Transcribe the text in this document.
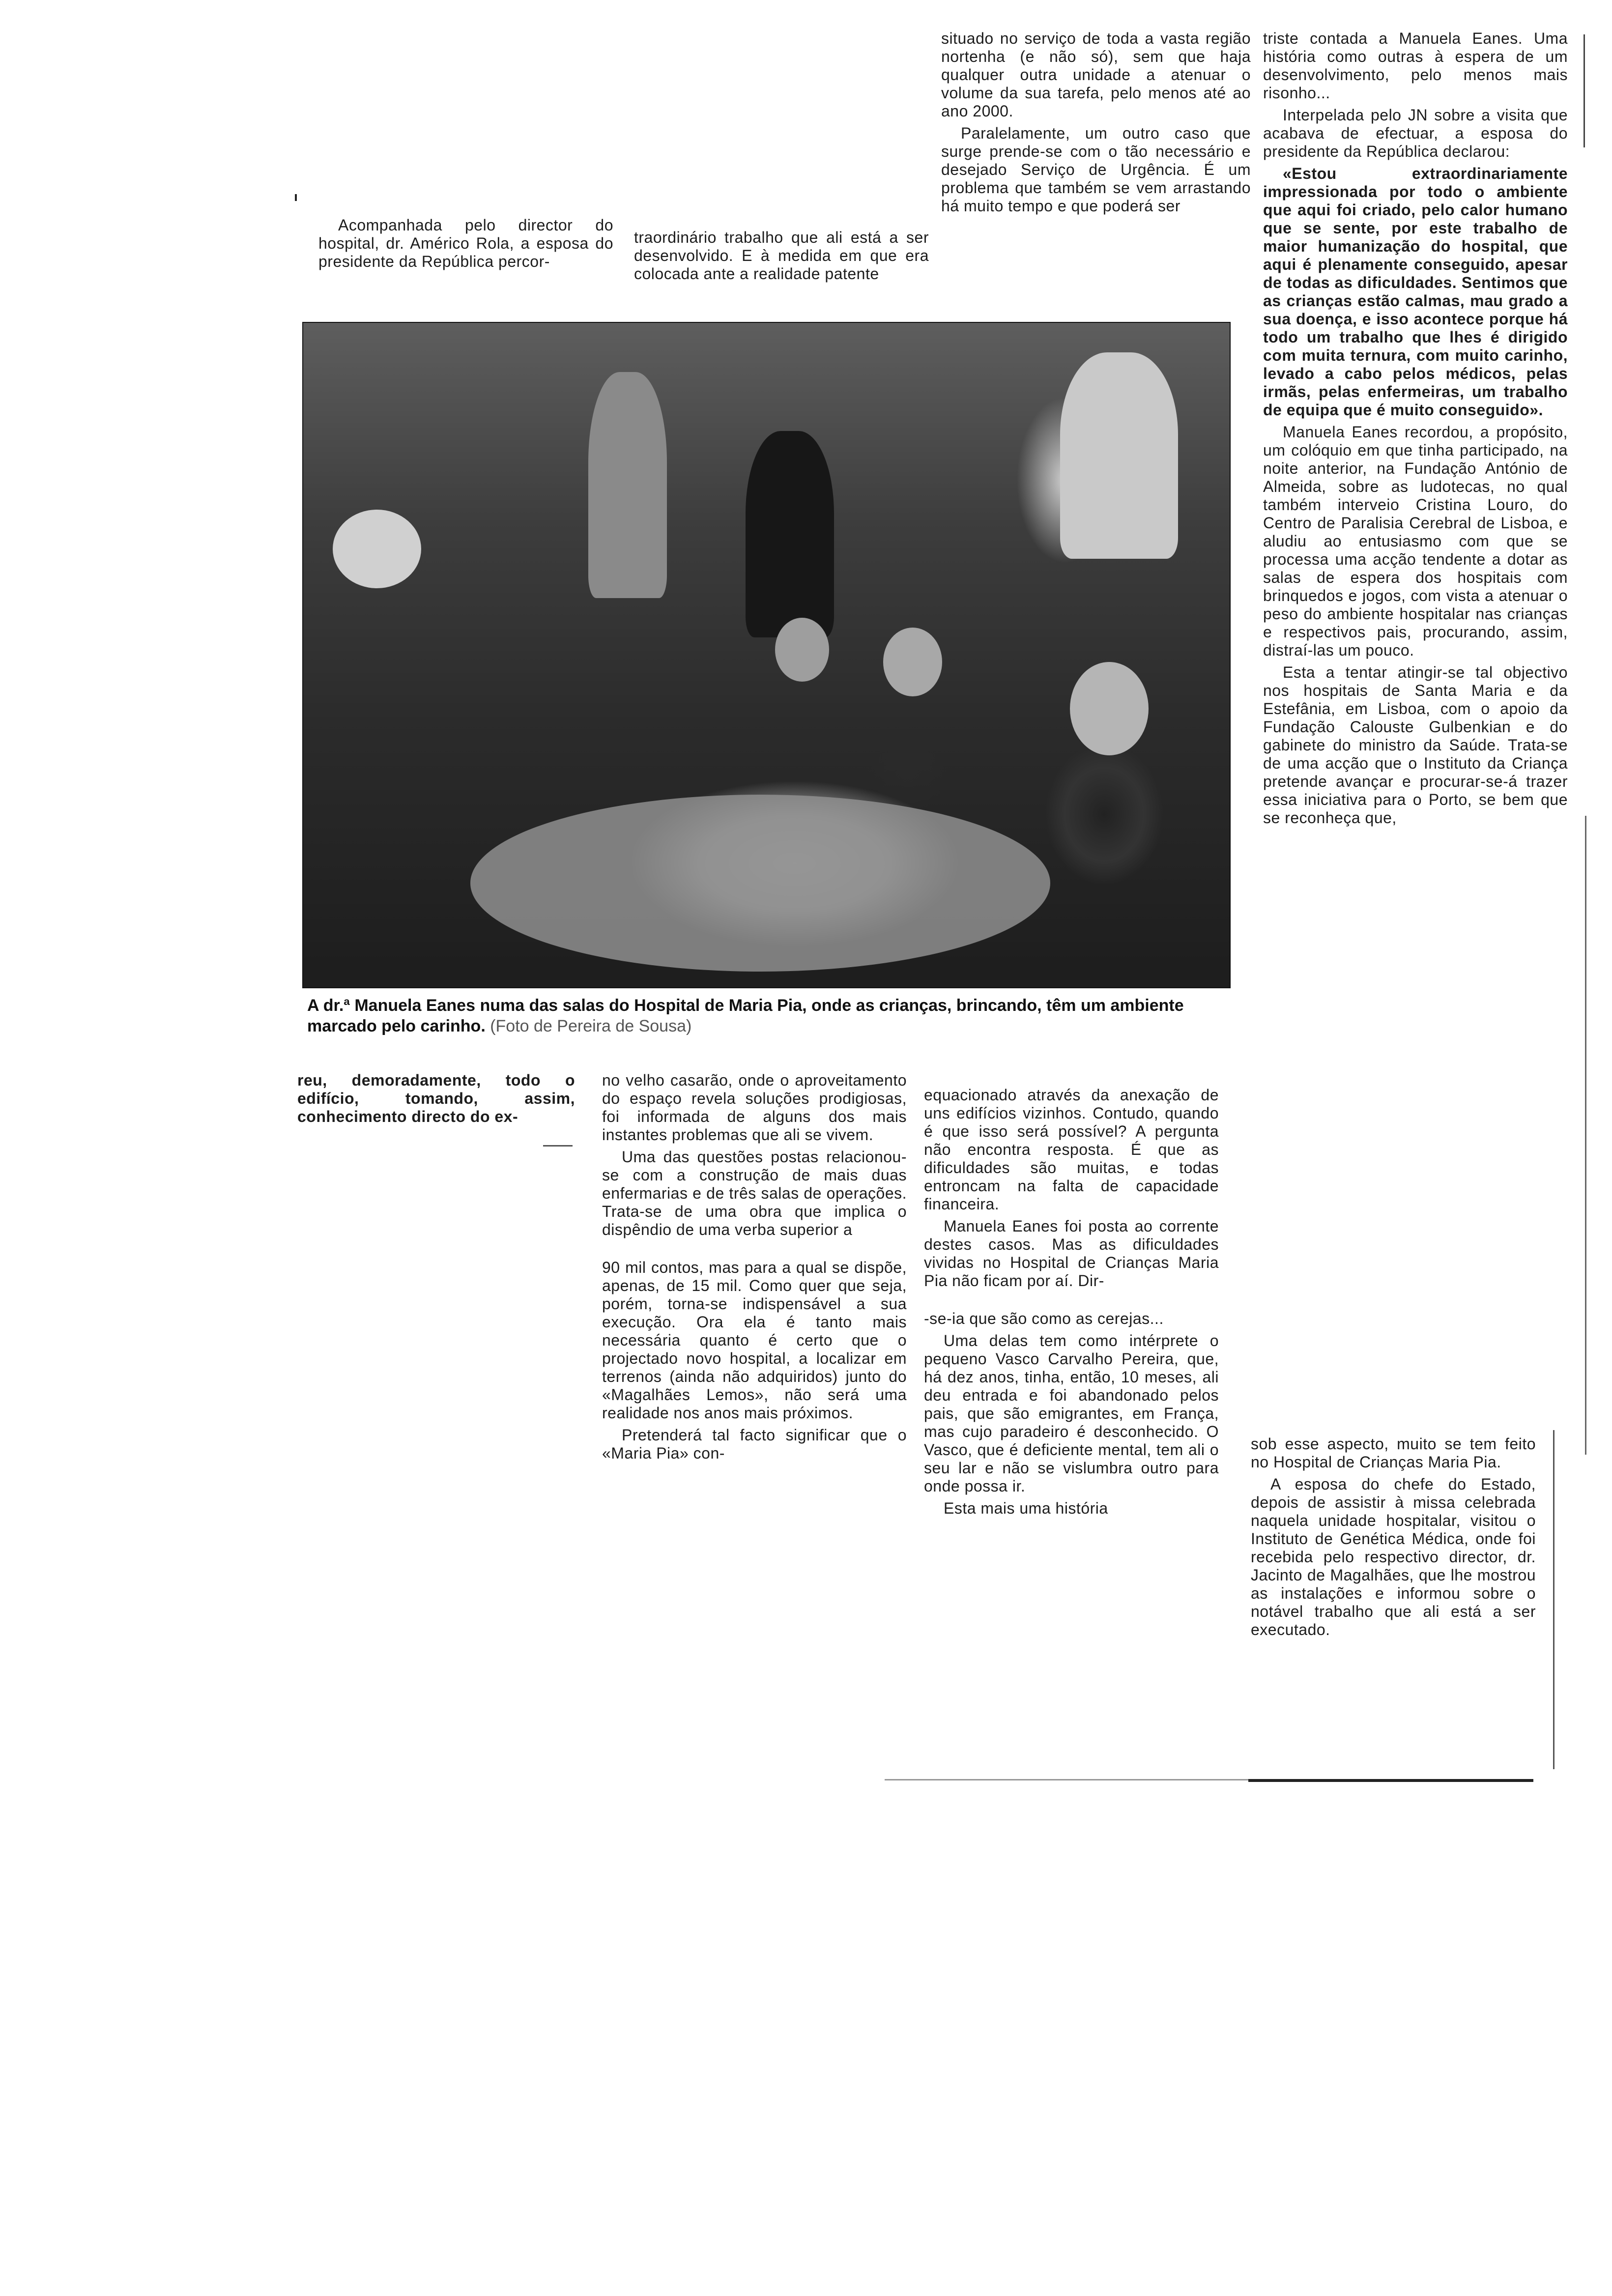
Acompanhada pelo director do hospital, dr. Américo Rola, a esposa do presidente da República percor-

traordinário trabalho que ali está a ser desenvolvido. E à medida em que era colocada ante a realidade patente

situado no serviço de toda a vasta região nortenha (e não só), sem que haja qualquer outra unidade a atenuar o volume da sua tarefa, pelo menos até ao ano 2000.

Paralelamente, um outro caso que surge prende-se com o tão necessário e desejado Serviço de Urgência. É um problema que também se vem arrastando há muito tempo e que poderá ser

triste contada a Manuela Eanes. Uma história como outras à espera de um desenvolvimento, pelo menos mais risonho...

Interpelada pelo JN sobre a visita que acabava de efectuar, a esposa do presidente da República declarou:

«Estou extraordinariamente impressionada por todo o ambiente que aqui foi criado, pelo calor humano que se sente, por este trabalho de maior humanização do hospital, que aqui é plenamente conseguido, apesar de todas as dificuldades. Sentimos que as crianças estão calmas, mau grado a sua doença, e isso acontece porque há todo um trabalho que lhes é dirigido com muita ternura, com muito carinho, levado a cabo pelos médicos, pelas irmãs, pelas enfermeiras, um trabalho de equipa que é muito conseguido».

Manuela Eanes recordou, a propósito, um colóquio em que tinha participado, na noite anterior, na Fundação António de Almeida, sobre as ludotecas, no qual também interveio Cristina Louro, do Centro de Paralisia Cerebral de Lisboa, e aludiu ao entusiasmo com que se processa uma acção tendente a dotar as salas de espera dos hospitais com brinquedos e jogos, com vista a atenuar o peso do ambiente hospitalar nas crianças e respectivos pais, procurando, assim, distraí-las um pouco.

Esta a tentar atingir-se tal objectivo nos hospitais de Santa Maria e da Estefânia, em Lisboa, com o apoio da Fundação Calouste Gulbenkian e do gabinete do ministro da Saúde. Trata-se de uma acção que o Instituto da Criança pretende avançar e procurar-se-á trazer essa iniciativa para o Porto, se bem que se reconheça que,

A dr.ª Manuela Eanes numa das salas do Hospital de Maria Pia, onde as crianças, brincando, têm um ambiente marcado pelo carinho. (Foto de Pereira de Sousa)

reu, demoradamente, todo o edifício, tomando, assim, conhecimento directo do ex-

no velho casarão, onde o aproveitamento do espaço revela soluções prodigiosas, foi informada de alguns dos mais instantes problemas que ali se vivem.

Uma das questões postas relacionou-se com a construção de mais duas enfermarias e de três salas de operações. Trata-se de uma obra que implica o dispêndio de uma verba superior a

90 mil contos, mas para a qual se dispõe, apenas, de 15 mil. Como quer que seja, porém, torna-se indispensável a sua execução. Ora ela é tanto mais necessária quanto é certo que o projectado novo hospital, a localizar em terrenos (ainda não adquiridos) junto do «Magalhães Lemos», não será uma realidade nos anos mais próximos.

Pretenderá tal facto significar que o «Maria Pia» con-

equacionado através da anexação de uns edifícios vizinhos. Contudo, quando é que isso será possível? A pergunta não encontra resposta. É que as dificuldades são muitas, e todas entroncam na falta de capacidade financeira.

Manuela Eanes foi posta ao corrente destes casos. Mas as dificuldades vividas no Hospital de Crianças Maria Pia não ficam por aí. Dir-

-se-ia que são como as cerejas...

Uma delas tem como intérprete o pequeno Vasco Carvalho Pereira, que, há dez anos, tinha, então, 10 meses, ali deu entrada e foi abandonado pelos pais, que são emigrantes, em França, mas cujo paradeiro é desconhecido. O Vasco, que é deficiente mental, tem ali o seu lar e não se vislumbra outro para onde possa ir.

Esta mais uma história

sob esse aspecto, muito se tem feito no Hospital de Crianças Maria Pia.

A esposa do chefe do Estado, depois de assistir à missa celebrada naquela unidade hospitalar, visitou o Instituto de Genética Médica, onde foi recebida pelo respectivo director, dr. Jacinto de Magalhães, que lhe mostrou as instalações e informou sobre o notável trabalho que ali está a ser executado.
